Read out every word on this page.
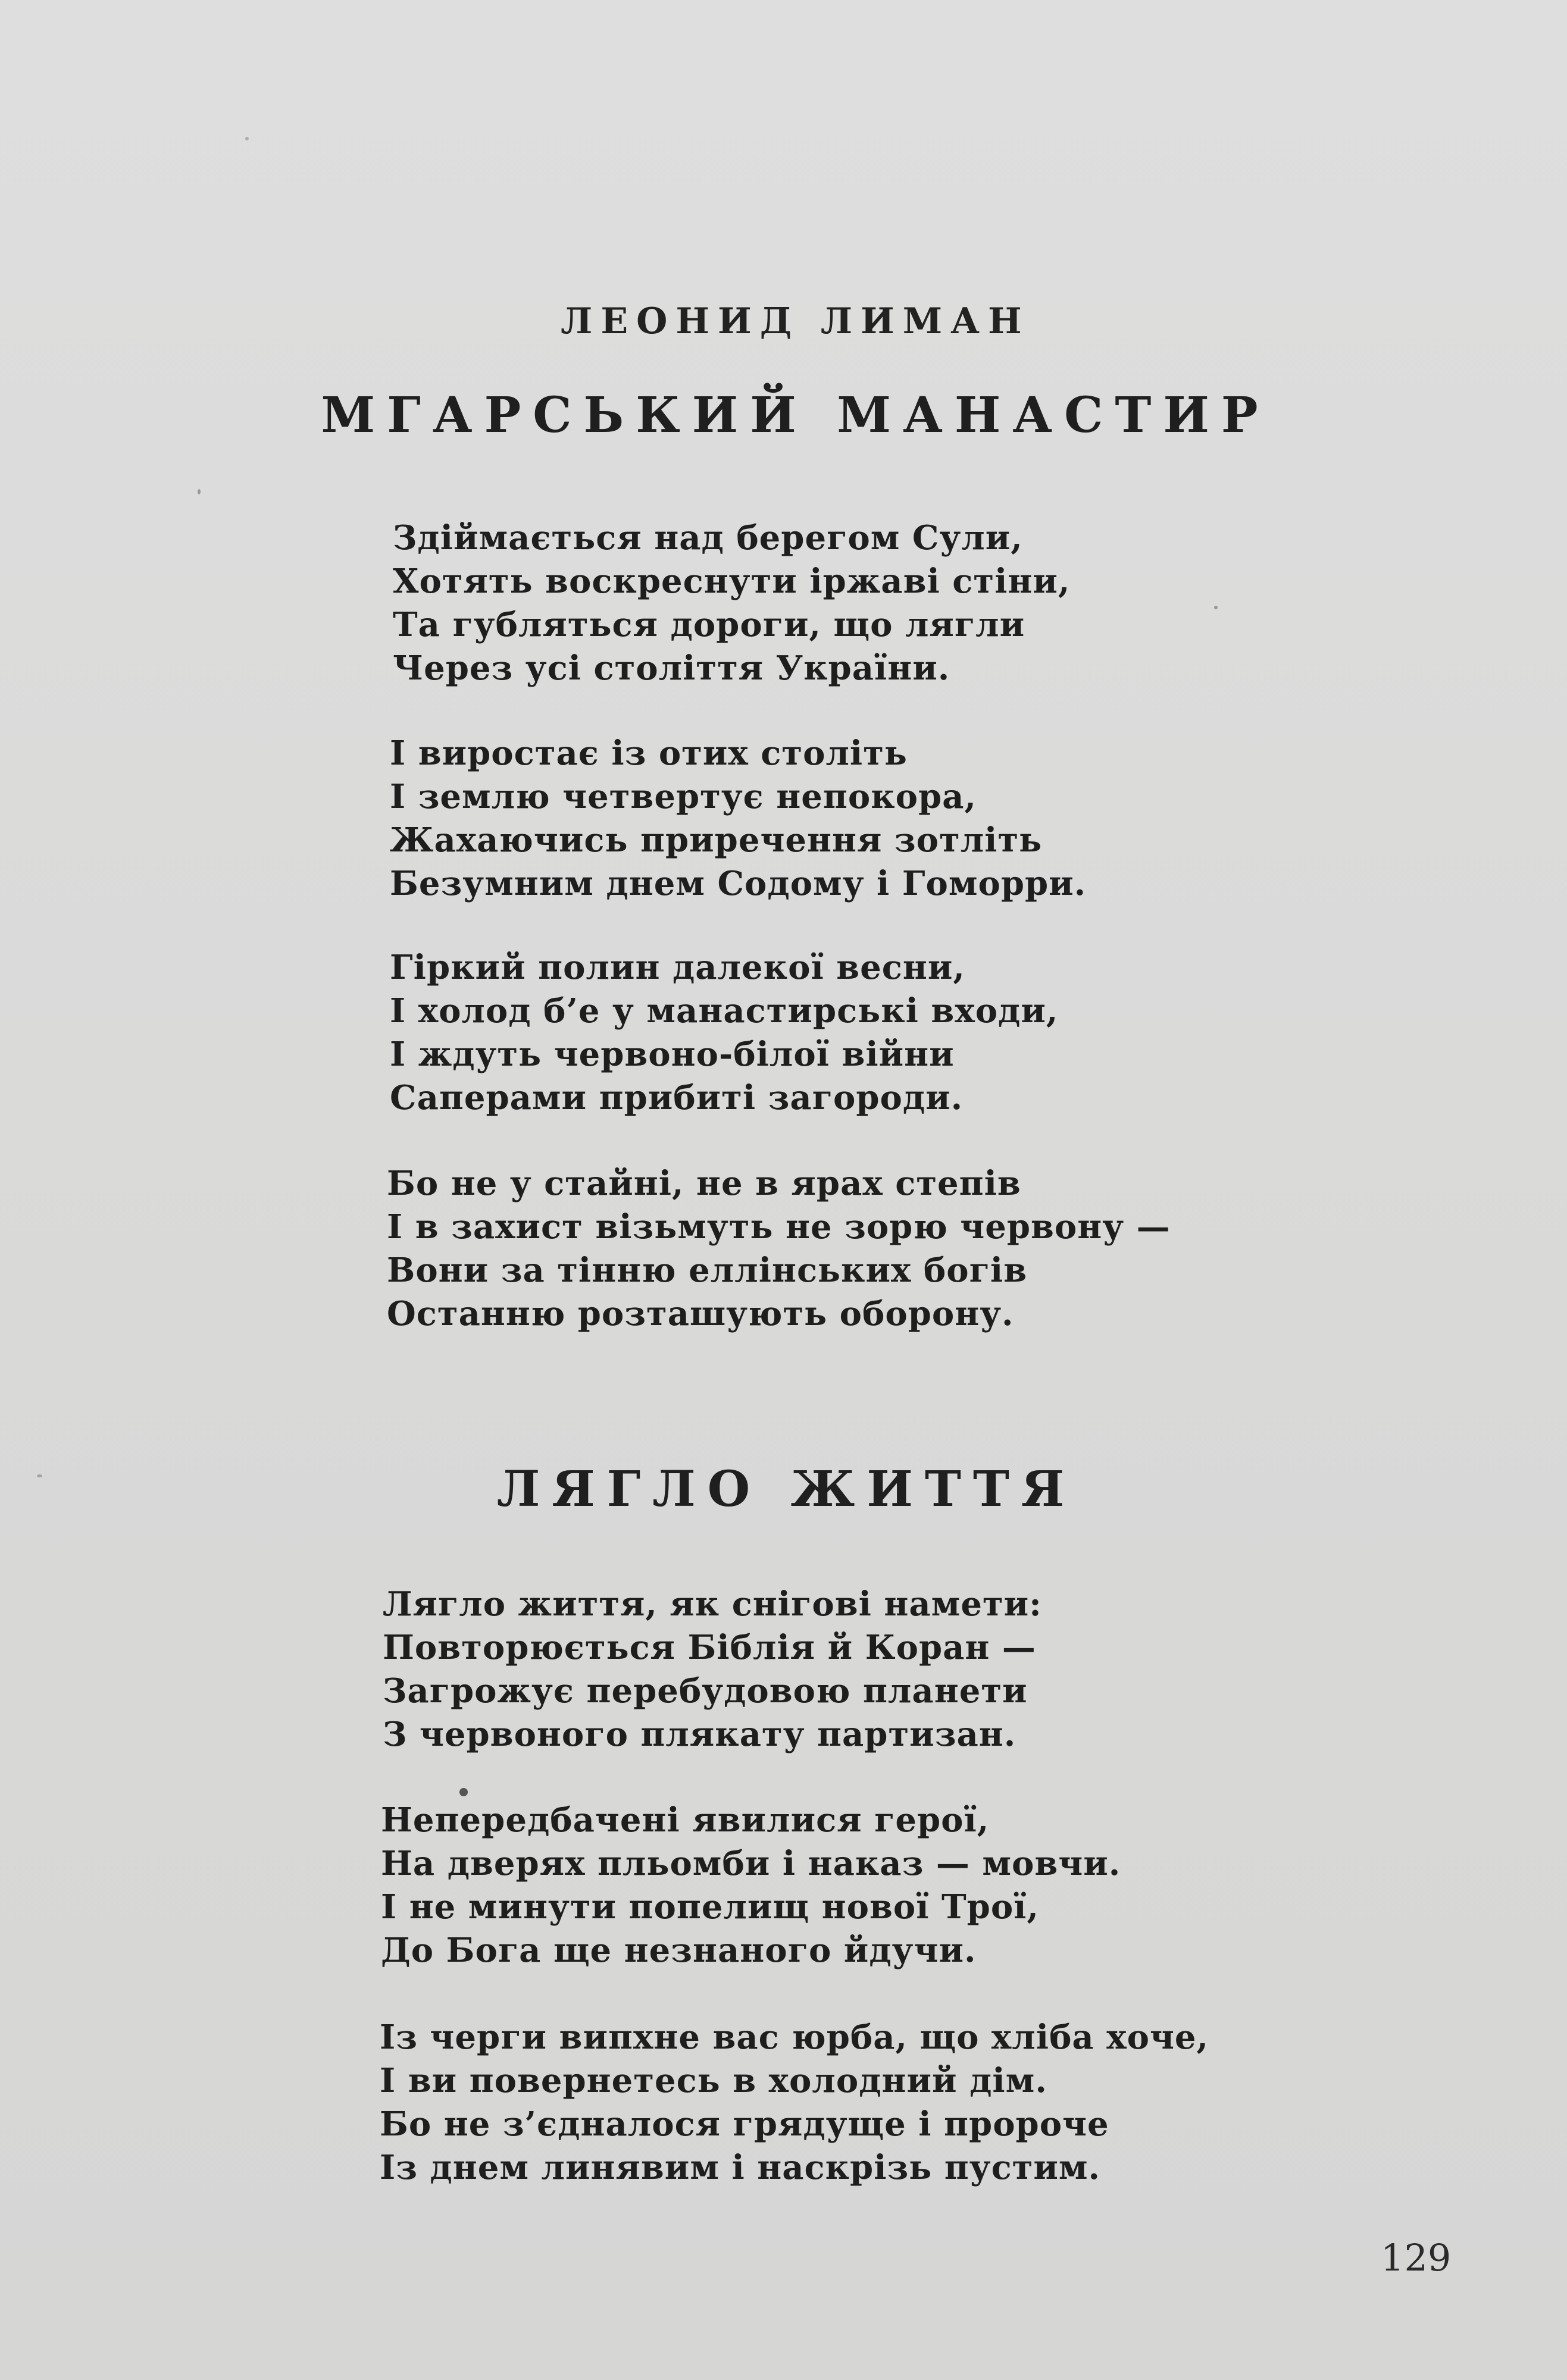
ЛЕОНИД ЛИМАН
МГАРСЬКИЙ МАНАСТИР
Здіймається над берегом Сули,
Хотять воскреснути іржаві стіни,
Та губляться дороги, що лягли
Через усі століття України.
І виростає із отих століть
І землю четвертує непокора,
Жахаючись приречення зотліть
Безумним днем Содому і Гоморри.
Гіркий полин далекої весни,
І холод б’е у манастирські входи,
І ждуть червоно-білої війни
Саперами прибиті загороди.
Бо не у стайні, не в ярах степів
І в захист візьмуть не зорю червону —
Вони за тінню еллінських богів
Останню розташують оборону.
ЛЯГЛО ЖИТТЯ
Лягло життя, як снігові намети:
Повторюється Біблія й Коран —
Загрожує перебудовою планети
З червоного плякату партизан.
Непередбачені явилися герої,
На дверях пльомби і наказ — мовчи.
І не минути попелищ нової Трої,
До Бога ще незнаного йдучи.
Із черги випхне вас юрба, що хліба хоче,
І ви повернетесь в холодний дім.
Бо не з’єдналося грядуще і пророче
Із днем линявим і наскрізь пустим.
129
